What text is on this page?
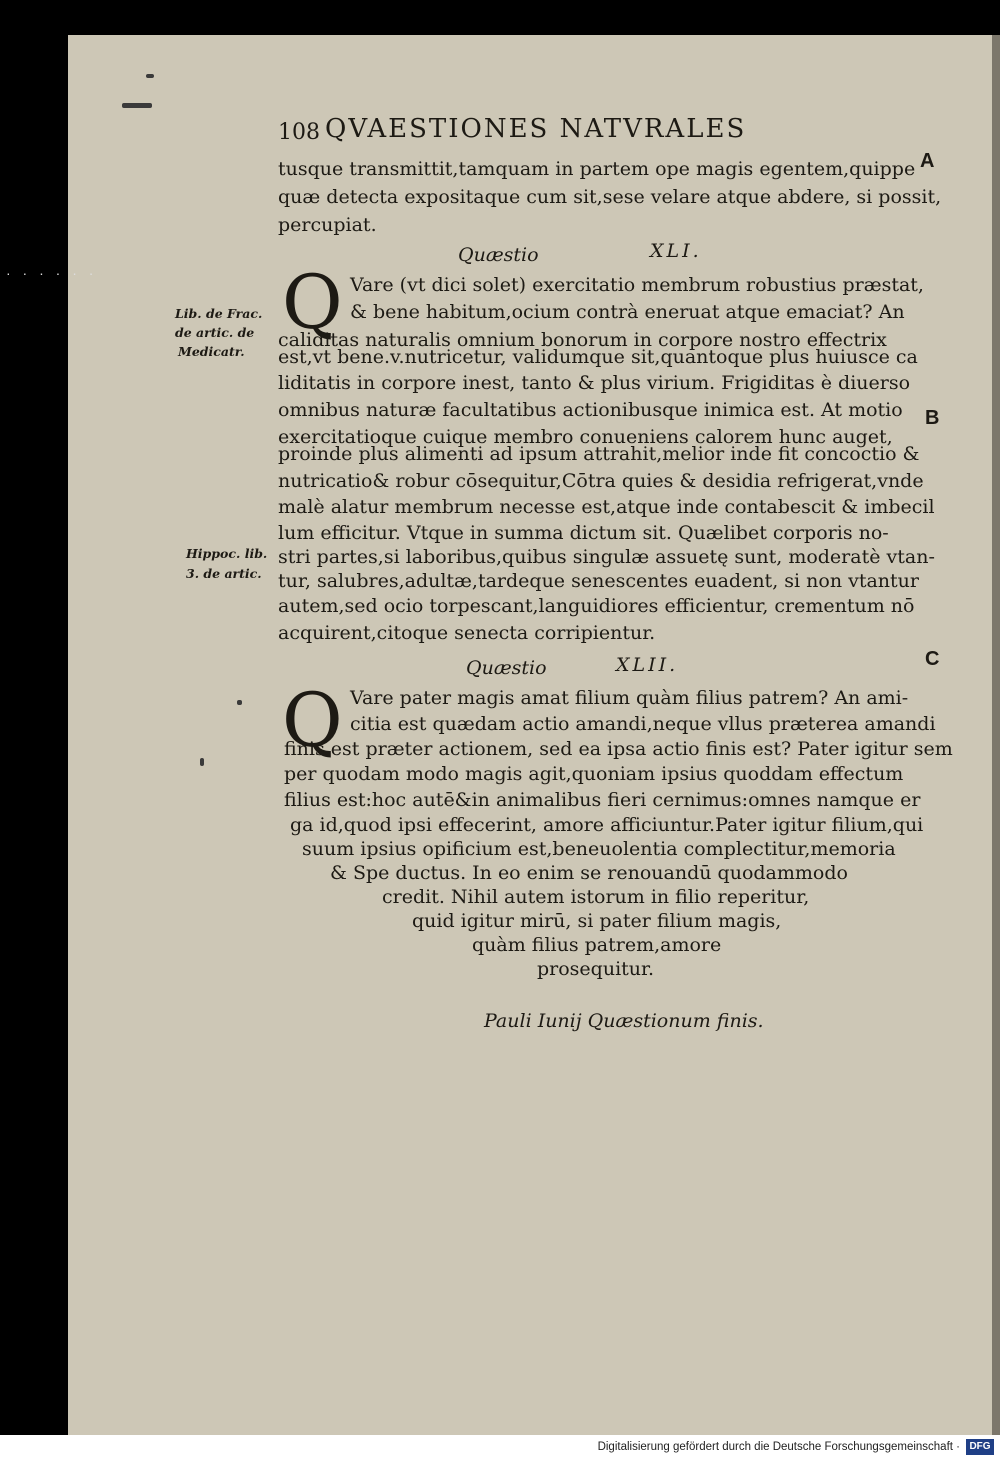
· · · · · ·
108 QVAESTIONES NATVRALES
A
B
C
tusque transmittit,tamquam in partem ope magis egentem,quippe
quæ detecta expositaque cum sit,sese velare atque abdere, si possit,
percupiat.
Quæstio	XLI.
Lib. de Frac.
de artic. de
Medicatr.
Q Vare (vt dici solet) exercitatio membrum robustius præstat,
& bene habitum,ocium contrà eneruat atque emaciat? An
caliditas naturalis omnium bonorum in corpore nostro effectrix
est,vt bene.v.nutricetur, validumque sit,quantoque plus huiusce ca
liditatis in corpore inest, tanto & plus virium. Frigiditas è diuerso
omnibus naturæ facultatibus actionibusque inimica est. At motio
exercitatioque cuique membro conueniens calorem hunc auget,
proinde plus alimenti ad ipsum attrahit,melior inde fit concoctio &
nutricatio& robur cōsequitur,Cōtra quies & desidia refrigerat,vnde
malè alatur membrum necesse est,atque inde contabescit & imbecil
lum efficitur. Vtque in summa dictum sit. Quælibet corporis no-
stri partes,si laboribus,quibus singulæ assuetę sunt, moderatè vtan-
tur, salubres,adultæ,tardeque senescentes euadent, si non vtantur
autem,sed ocio torpescant,languidiores efficientur, crementum nō
acquirent,citoque senecta corripientur.
Hippoc. lib.
3. de artic.
Quæstio	XLII.
Q Vare pater magis amat filium quàm filius patrem? An ami-
citia est quædam actio amandi,neque vllus præterea amandi
finis est præter actionem, sed ea ipsa actio finis est? Pater igitur sem
per quodam modo magis agit,quoniam ipsius quoddam effectum
filius est:hoc autē&in animalibus fieri cernimus:omnes namque er
ga id,quod ipsi effecerint, amore afficiuntur.Pater igitur filium,qui
suum ipsius opificium est,beneuolentia complectitur,memoria
& Spe ductus. In eo enim se renouandū quodammodo
credit. Nihil autem istorum in filio reperitur,
quid igitur mirū, si pater filium magis,
quàm filius patrem,amore
prosequitur.
Pauli Iunij Quæstionum finis.
Digitalisierung gefördert durch die Deutsche Forschungsgemeinschaft · DFG
